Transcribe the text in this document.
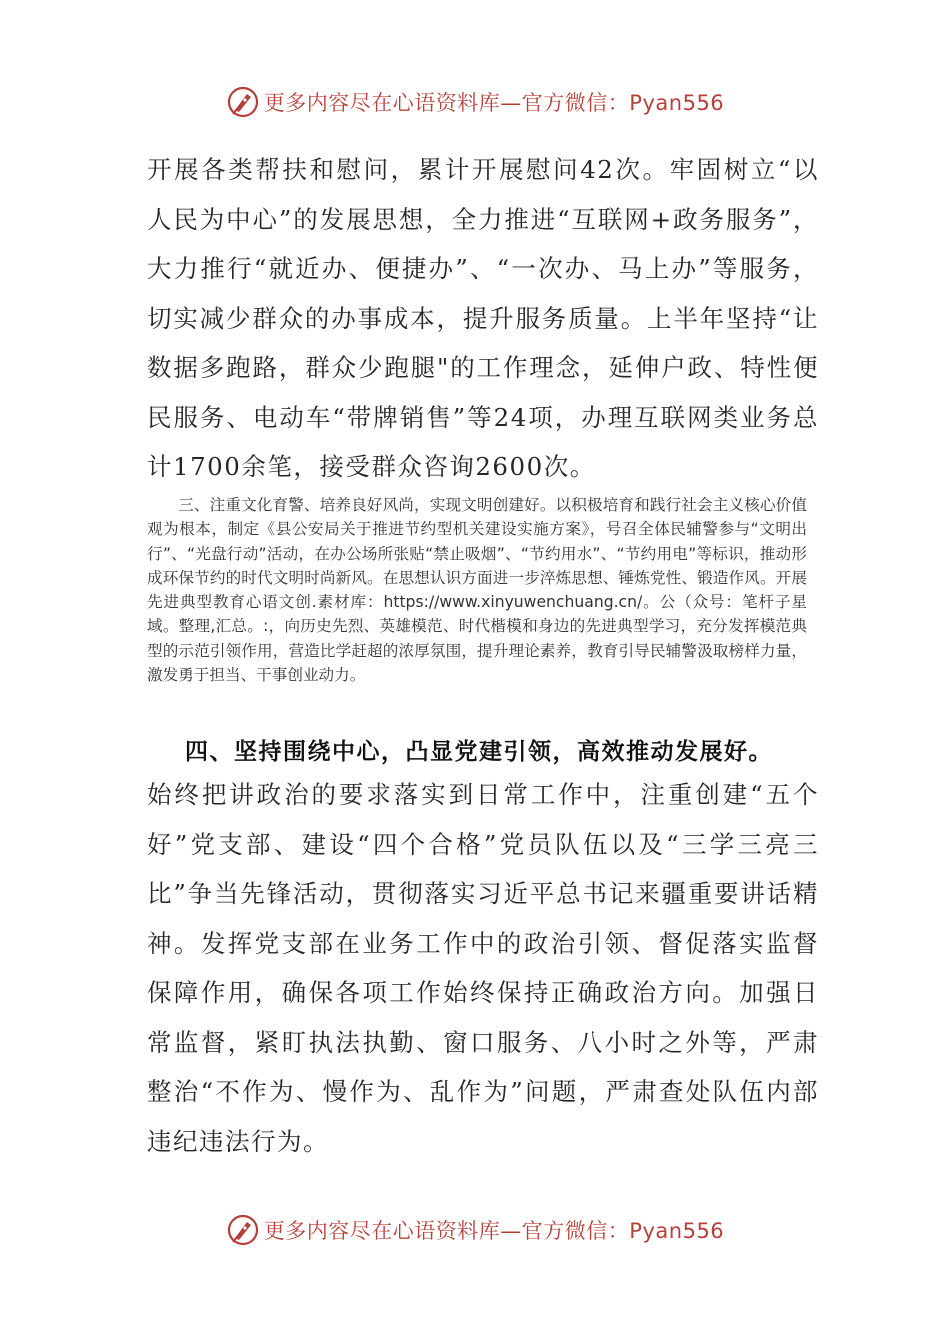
更多内容尽在心语资料库—官方微信：Pyan556

开展各类帮扶和慰问，累计开展慰问42次。牢固树立“以人民为中心”的发展思想，全力推进“互联网+政务服务”，大力推行“就近办、便捷办”、“一次办、马上办”等服务，切实减少群众的办事成本，提升服务质量。上半年坚持“让数据多跑路，群众少跑腿"的工作理念，延伸户政、特性便民服务、电动车“带牌销售”等24项，办理互联网类业务总计1700余笔，接受群众咨询2600次。

三、注重文化育警、培养良好风尚，实现文明创建好。以积极培育和践行社会主义核心价值观为根本，制定《县公安局关于推进节约型机关建设实施方案》，号召全体民辅警参与“文明出行”、“光盘行动”活动，在办公场所张贴“禁止吸烟”、“节约用水”、“节约用电”等标识，推动形成环保节约的时代文明时尚新风。在思想认识方面进一步淬炼思想、锤炼党性、锻造作风。开展先进典型教育心语文创.素材库：https://www.xinyuwenchuang.cn/。公（众号：笔杆子星域。整理,汇总。:，向历史先烈、英雄模范、时代楷模和身边的先进典型学习，充分发挥模范典型的示范引领作用，营造比学赶超的浓厚氛围，提升理论素养，教育引导民辅警汲取榜样力量，激发勇于担当、干事创业动力。

四、坚持围绕中心，凸显党建引领，高效推动发展好。

始终把讲政治的要求落实到日常工作中，注重创建“五个好”党支部、建设“四个合格”党员队伍以及“三学三亮三比”争当先锋活动，贯彻落实习近平总书记来疆重要讲话精神。发挥党支部在业务工作中的政治引领、督促落实监督保障作用，确保各项工作始终保持正确政治方向。加强日常监督，紧盯执法执勤、窗口服务、八小时之外等，严肃整治“不作为、慢作为、乱作为”问题，严肃查处队伍内部违纪违法行为。

更多内容尽在心语资料库—官方微信：Pyan556
